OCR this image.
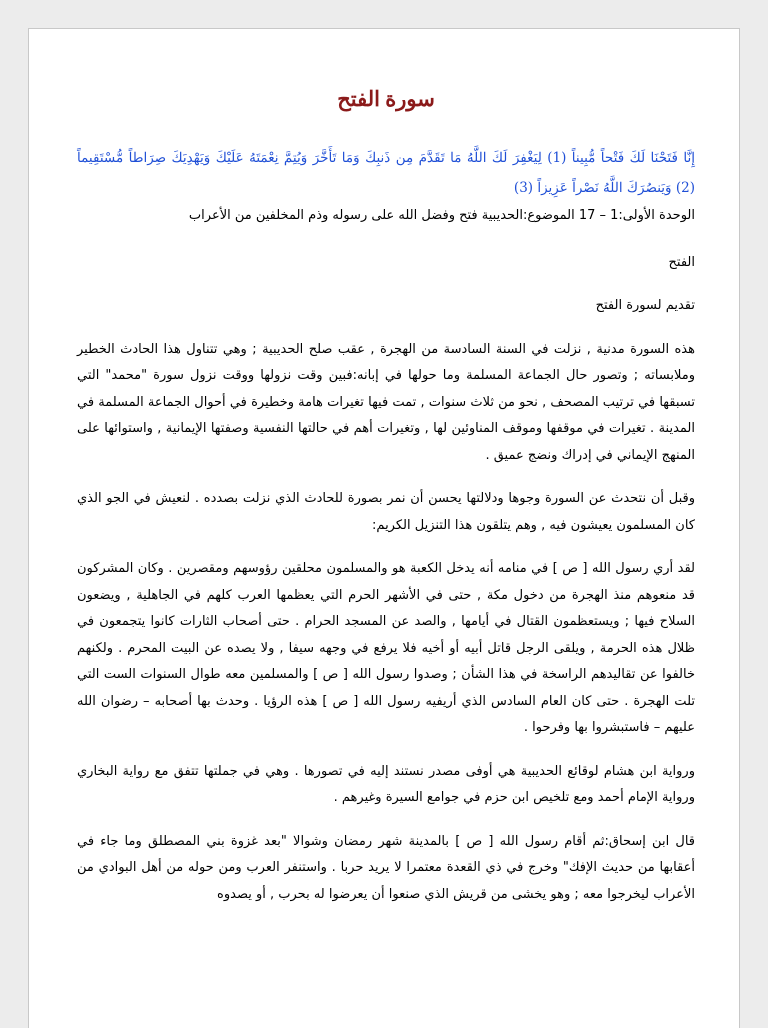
سورة الفتح

إِنَّا فَتَحْنَا لَكَ فَتْحاً مُّبِيناً (1) لِيَغْفِرَ لَكَ اللَّهُ مَا تَقَدَّمَ مِن ذَنبِكَ وَمَا تَأَخَّرَ وَيُتِمَّ نِعْمَتَهُ عَلَيْكَ وَيَهْدِيَكَ صِرَاطاً مُّسْتَقِيماً (2) وَيَنصُرَكَ اللَّهُ نَصْراً عَزِيزاً (3)

الوحدة الأولى:1 – 17 الموضوع:الحديبية فتح وفضل الله على رسوله وذم المخلفين من الأعراب

الفتح

تقديم لسورة الفتح

هذه السورة مدنية , نزلت في السنة السادسة من الهجرة , عقب صلح الحديبية ; وهي تتناول هذا الحادث الخطير وملابساته ; وتصور حال الجماعة المسلمة وما حولها في إبانه:فبين وقت نزولها ووقت نزول سورة "محمد" التي تسبقها في ترتيب المصحف , نحو من ثلاث سنوات , تمت فيها تغيرات هامة وخطيرة في أحوال الجماعة المسلمة في المدينة . تغيرات في موقفها وموقف المناوئين لها , وتغيرات أهم في حالتها النفسية وصفتها الإيمانية , واستوائها على المنهج الإيماني في إدراك ونضج عميق .

وقبل أن نتحدث عن السورة وجوها ودلالتها يحسن أن نمر بصورة للحادث الذي نزلت بصدده . لنعيش في الجو الذي كان المسلمون يعيشون فيه , وهم يتلقون هذا التنزيل الكريم:

لقد أري رسول الله [ ص ] في منامه أنه يدخل الكعبة هو والمسلمون محلقين رؤوسهم ومقصرين . وكان المشركون قد منعوهم منذ الهجرة من دخول مكة , حتى في الأشهر الحرم التي يعظمها العرب كلهم في الجاهلية , ويضعون السلاح فيها ; ويستعظمون القتال في أيامها , والصد عن المسجد الحرام . حتى أصحاب الثارات كانوا يتجمعون في ظلال هذه الحرمة , ويلقى الرجل قاتل أبيه أو أخيه فلا يرفع في وجهه سيفا , ولا يصده عن البيت المحرم . ولكنهم خالفوا عن تقاليدهم الراسخة في هذا الشأن ; وصدوا رسول الله [ ص ] والمسلمين معه طوال السنوات الست التي تلت الهجرة . حتى كان العام السادس الذي أريفيه رسول الله [ ص ] هذه الرؤيا . وحدث بها أصحابه – رضوان الله عليهم – فاستبشروا بها وفرحوا .

ورواية ابن هشام لوقائع الحديبية هي أوفى مصدر نستند إليه في تصورها . وهي في جملتها تتفق مع رواية البخاري ورواية الإمام أحمد ومع تلخيص ابن حزم في جوامع السيرة وغيرهم .

قال ابن إسحاق:ثم أقام رسول الله [ ص ] بالمدينة شهر رمضان وشوالا "بعد غزوة بني المصطلق وما جاء في أعقابها من حديث الإفك" وخرج في ذي القعدة معتمرا لا يريد حربا . واستنفر العرب ومن حوله من أهل البوادي من الأعراب ليخرجوا معه ; وهو يخشى من قريش الذي صنعوا أن يعرضوا له بحرب , أو يصدوه
